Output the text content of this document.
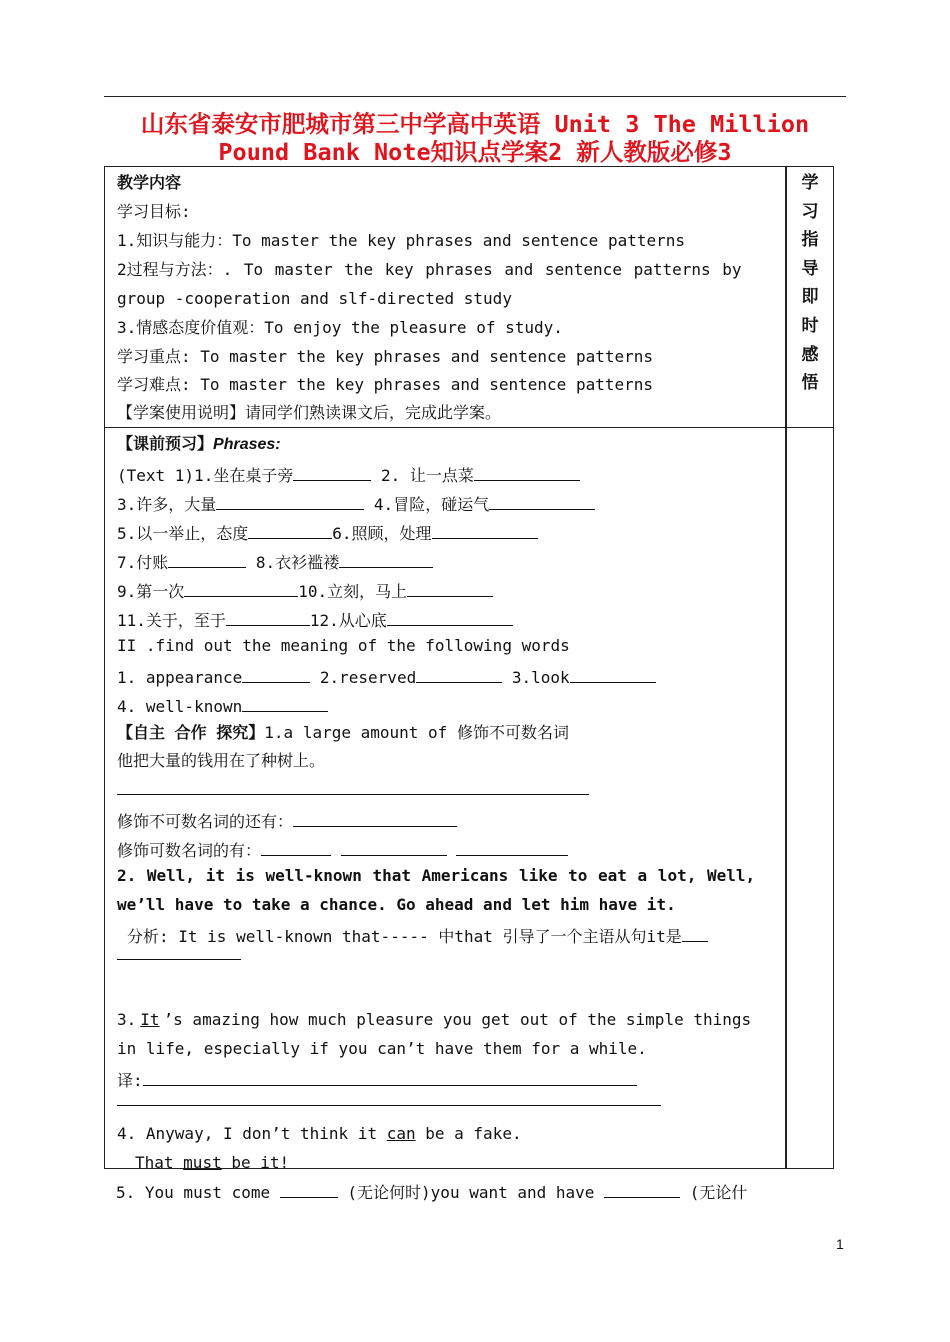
山东省泰安市肥城市第三中学高中英语 Unit 3 The Million
Pound Bank Note知识点学案2 新人教版必修3
教学内容
学习目标:
1.知识与能力：To master the key phrases and sentence patterns
2过程与方法：. To master the key phrases and sentence patterns by
group -cooperation and slf-directed study
3.情感态度价值观：To enjoy the pleasure of study.
学习重点: To master the key phrases and sentence patterns
学习难点: To master the key phrases and sentence patterns
【学案使用说明】请同学们熟读课文后，完成此学案。
学
习
指
导
即
时
感
悟
【课前预习】Phrases:
(Text 1)1.坐在桌子旁	2. 让一点菜
3.许多，大量	4.冒险，碰运气
5.以一举止，态度	6.照顾，处理
7.付账	8.衣衫褴褛
9.第一次	10.立刻，马上
11.关于，至于	12.从心底
II .find out the meaning of the following words
1. appearance	2.reserved	3.look
4. well-known
【自主 合作 探究】1.a large amount of 修饰不可数名词
他把大量的钱用在了种树上。
修饰不可数名词的还有：
修饰可数名词的有：
2. Well, it is well-known that Americans like to eat a lot, Well,
we’ll have to take a chance. Go ahead and let him have it.
分析: It is well-known that----- 中that 引导了一个主语从句it是
3. It ’s amazing how much pleasure you get out of the simple things
in life, especially if you can’t have them for a while.
译:
4. Anyway, I don’t think it can be a fake.
That must be it!
5. You must come	(无论何时)you want and have	(无论什
1
